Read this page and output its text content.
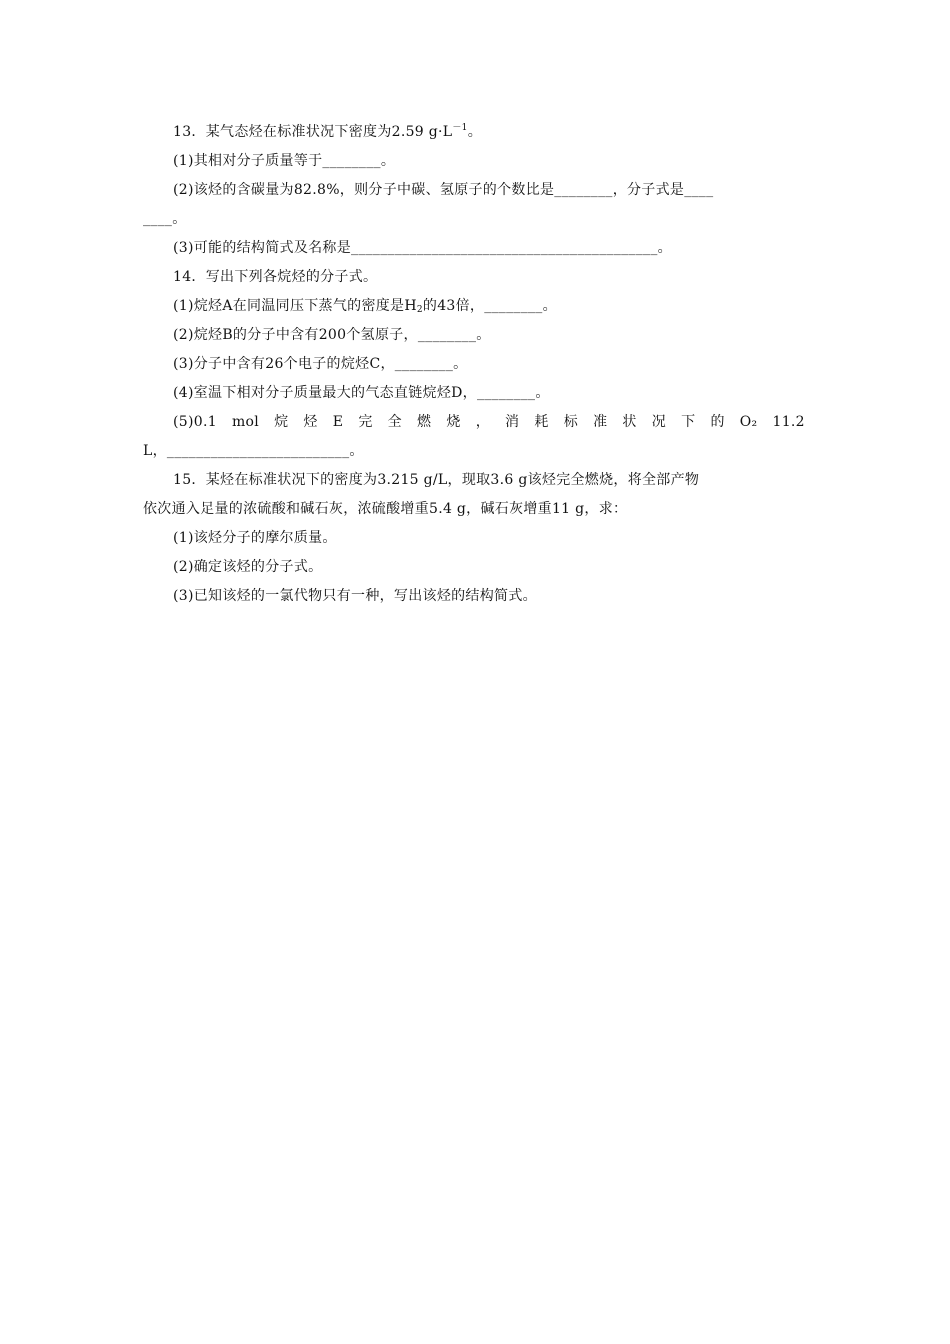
13．某气态烃在标准状况下密度为2.59 $g\cdot L^{-1}$。
(1)其相对分子质量等于________。
(2)该烃的含碳量为82.8%，则分子中碳、氢原子的个数比是________，分子式是____
____。
(3)可能的结构简式及名称是__________________________________________。
14．写出下列各烷烃的分子式。
(1)烷烃A在同温同压下蒸气的密度是$H_2$的43倍，________。
(2)烷烃B的分子中含有200个氢原子，________。
(3)分子中含有26个电子的烷烃C，________。
(4)室温下相对分子质量最大的气态直链烷烃D，________。
(5)0.1 mol 烷 烃 E 完 全 燃 烧 ， 消 耗 标 准 状 况 下 的 O₂ 11.2
L，_________________________。
15．某烃在标准状况下的密度为3.215 g/L，现取3.6 g该烃完全燃烧，将全部产物
依次通入足量的浓硫酸和碱石灰，浓硫酸增重5.4 g，碱石灰增重11 g，求：
(1)该烃分子的摩尔质量。
(2)确定该烃的分子式。
(3)已知该烃的一氯代物只有一种，写出该烃的结构简式。
